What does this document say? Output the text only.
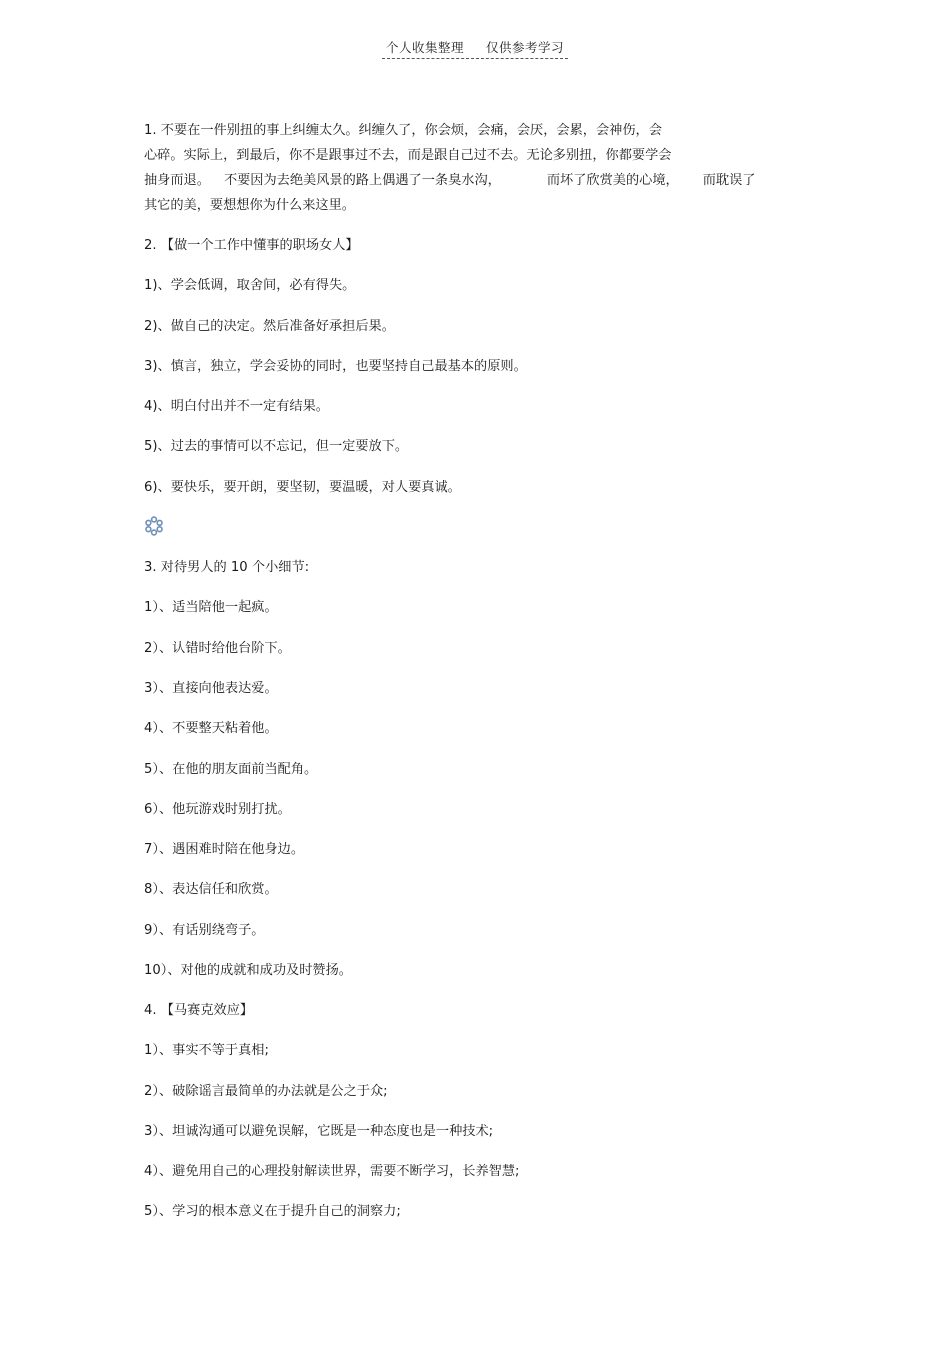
个人收集整理 仅供参考学习

1. 不要在一件别扭的事上纠缠太久。纠缠久了，你会烦，会痛，会厌，会累，会神伤，会

心碎。实际上，到最后，你不是跟事过不去，而是跟自己过不去。无论多别扭，你都要学会

抽身而退。 不要因为去绝美风景的路上偶遇了一条臭水沟，	而坏了欣赏美的心境， 而耽误了

其它的美，要想想你为什么来这里。

2. 【做一个工作中懂事的职场女人】

1)、学会低调，取舍间，必有得失。

2)、做自己的决定。然后准备好承担后果。

3)、慎言，独立，学会妥协的同时，也要坚持自己最基本的原则。

4)、明白付出并不一定有结果。

5)、过去的事情可以不忘记，但一定要放下。

6)、要快乐，要开朗，要坚韧，要温暖，对人要真诚。

3. 对待男人的 10 个小细节:

1）、适当陪他一起疯。

2）、认错时给他台阶下。

3）、直接向他表达爱。

4）、不要整天粘着他。

5）、在他的朋友面前当配角。

6）、他玩游戏时别打扰。

7）、遇困难时陪在他身边。

8）、表达信任和欣赏。

9）、有话别绕弯子。

10）、对他的成就和成功及时赞扬。

4. 【马赛克效应】

1）、事实不等于真相;

2）、破除谣言最简单的办法就是公之于众;

3）、坦诚沟通可以避免误解，它既是一种态度也是一种技术;

4）、避免用自己的心理投射解读世界，需要不断学习，长养智慧;

5）、学习的根本意义在于提升自己的洞察力;
